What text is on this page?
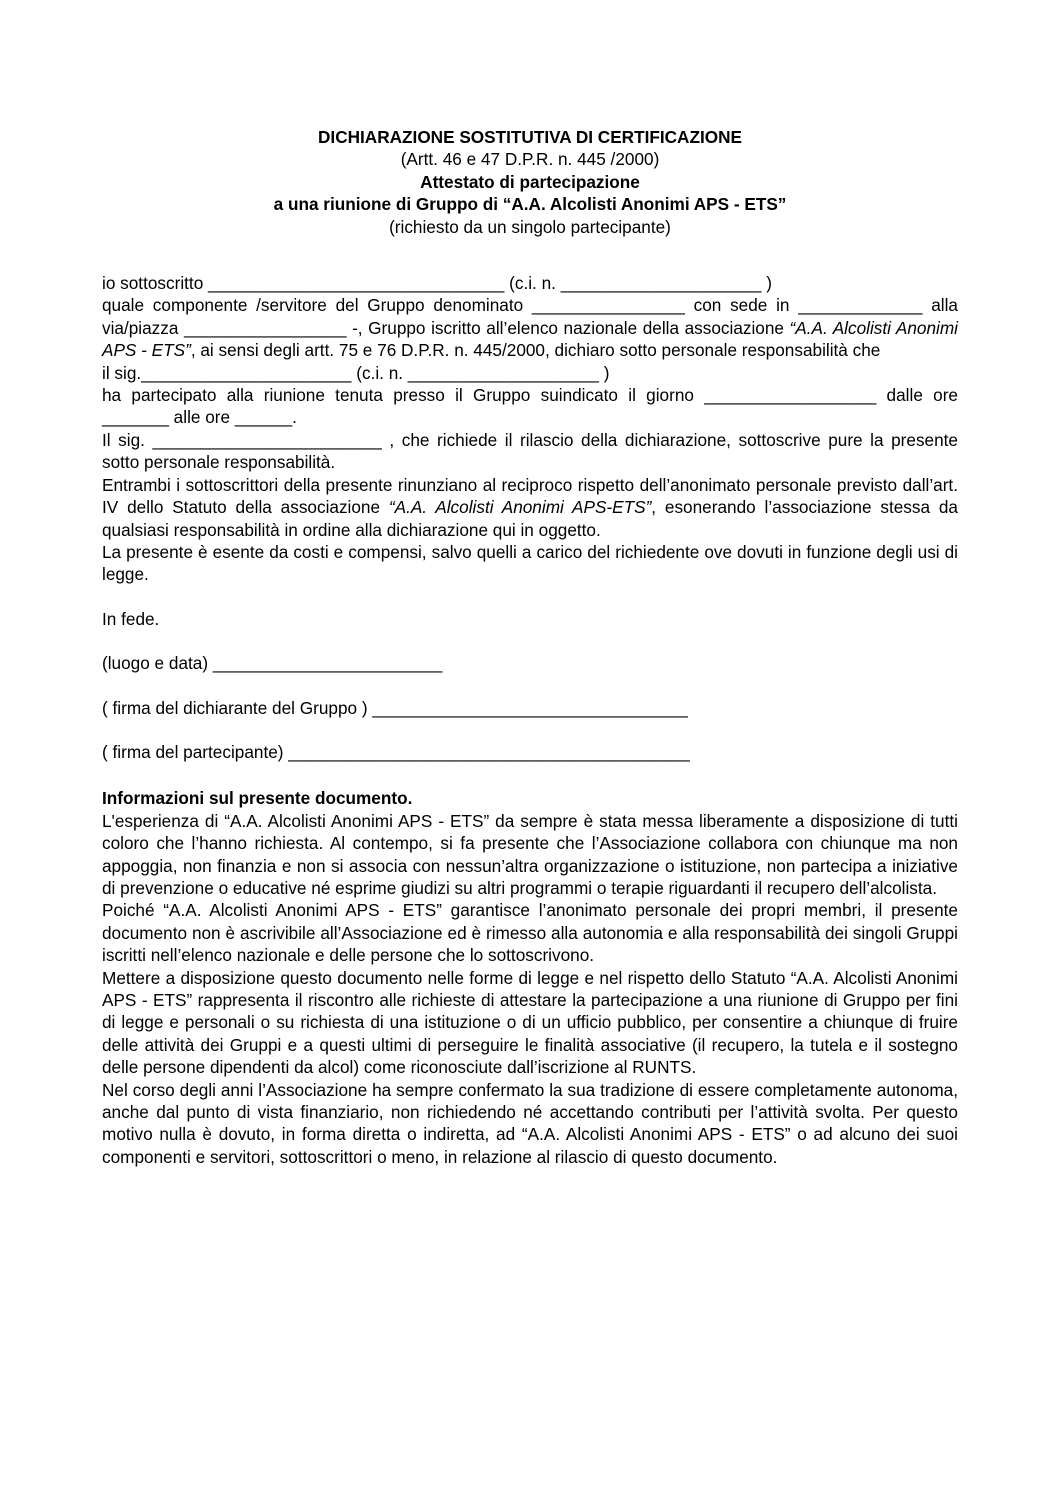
DICHIARAZIONE SOSTITUTIVA DI CERTIFICAZIONE
(Artt. 46 e 47 D.P.R. n. 445 /2000)
Attestato di partecipazione
a una riunione di Gruppo di “A.A. Alcolisti Anonimi APS - ETS”
(richiesto da un singolo partecipante)
io sottoscritto _______________________________ (c.i. n. _____________________ )

quale componente /servitore del Gruppo denominato ________________ con sede in _____________ alla via/piazza _________________ -, Gruppo iscritto all’elenco nazionale della associazione “A.A. Alcolisti Anonimi APS - ETS”, ai sensi degli artt. 75 e 76 D.P.R. n. 445/2000, dichiaro sotto personale responsabilità che

il sig.______________________ (c.i. n. ____________________ )

ha partecipato alla riunione tenuta presso il Gruppo suindicato il giorno __________________ dalle ore _______ alle ore ______.

Il sig. ________________________ , che richiede il rilascio della dichiarazione, sottoscrive pure la presente sotto personale responsabilità.

Entrambi i sottoscrittori della presente rinunziano al reciproco rispetto dell’anonimato personale previsto dall’art. IV dello Statuto della associazione “A.A. Alcolisti Anonimi APS-ETS”, esonerando l’associazione stessa da qualsiasi responsabilità in ordine alla dichiarazione qui in oggetto.

La presente è esente da costi e compensi, salvo quelli a carico del richiedente ove dovuti in funzione degli usi di legge.

In fede.

(luogo e data) ________________________

( firma del dichiarante del Gruppo ) _________________________________

( firma del partecipante) __________________________________________

Informazioni sul presente documento.

L'esperienza di “A.A. Alcolisti Anonimi APS - ETS” da sempre è stata messa liberamente a disposizione di tutti coloro che l’hanno richiesta. Al contempo, si fa presente che l’Associazione collabora con chiunque ma non appoggia, non finanzia e non si associa con nessun’altra organizzazione o istituzione, non partecipa a iniziative di prevenzione o educative né esprime giudizi su altri programmi o terapie riguardanti il recupero dell’alcolista.

Poiché “A.A. Alcolisti Anonimi APS - ETS” garantisce l’anonimato personale dei propri membri, il presente documento non è ascrivibile all’Associazione ed è rimesso alla autonomia e alla responsabilità dei singoli Gruppi iscritti nell’elenco nazionale e delle persone che lo sottoscrivono.

Mettere a disposizione questo documento nelle forme di legge e nel rispetto dello Statuto “A.A. Alcolisti Anonimi APS - ETS” rappresenta il riscontro alle richieste di attestare la partecipazione a una riunione di Gruppo per fini di legge e personali o su richiesta di una istituzione o di un ufficio pubblico, per consentire a chiunque di fruire delle attività dei Gruppi e a questi ultimi di perseguire le finalità associative (il recupero, la tutela e il sostegno delle persone dipendenti da alcol) come riconosciute dall’iscrizione al RUNTS.

Nel corso degli anni l’Associazione ha sempre confermato la sua tradizione di essere completamente autonoma, anche dal punto di vista finanziario, non richiedendo né accettando contributi per l’attività svolta. Per questo motivo nulla è dovuto, in forma diretta o indiretta, ad “A.A. Alcolisti Anonimi APS - ETS” o ad alcuno dei suoi componenti e servitori, sottoscrittori o meno, in relazione al rilascio di questo documento.
